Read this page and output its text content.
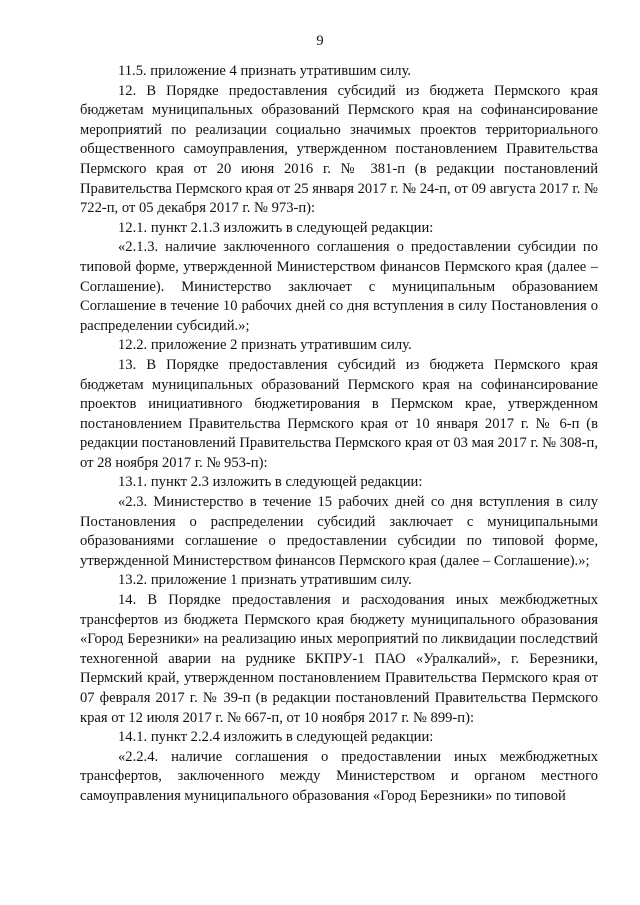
9

11.5. приложение 4 признать утратившим силу.

12. В Порядке предоставления субсидий из бюджета Пермского края бюджетам муниципальных образований Пермского края на софинансирование мероприятий по реализации социально значимых проектов территориального общественного самоуправления, утвержденном постановлением Правительства Пермского края от 20 июня 2016 г. № 381-п (в редакции постановлений Правительства Пермского края от 25 января 2017 г. № 24-п, от 09 августа 2017 г. № 722-п, от 05 декабря 2017 г. № 973-п):

12.1. пункт 2.1.3 изложить в следующей редакции:

«2.1.3. наличие заключенного соглашения о предоставлении субсидии по типовой форме, утвержденной Министерством финансов Пермского края (далее – Соглашение). Министерство заключает с муниципальным образованием Соглашение в течение 10 рабочих дней со дня вступления в силу Постановления о распределении субсидий.»;

12.2. приложение 2 признать утратившим силу.

13. В Порядке предоставления субсидий из бюджета Пермского края бюджетам муниципальных образований Пермского края на софинансирование проектов инициативного бюджетирования в Пермском крае, утвержденном постановлением Правительства Пермского края от 10 января 2017 г. № 6-п (в редакции постановлений Правительства Пермского края от 03 мая 2017 г. № 308-п, от 28 ноября 2017 г. № 953-п):

13.1. пункт 2.3 изложить в следующей редакции:

«2.3. Министерство в течение 15 рабочих дней со дня вступления в силу Постановления о распределении субсидий заключает с муниципальными образованиями соглашение о предоставлении субсидии по типовой форме, утвержденной Министерством финансов Пермского края (далее – Соглашение).»;

13.2. приложение 1 признать утратившим силу.

14. В Порядке предоставления и расходования иных межбюджетных трансфертов из бюджета Пермского края бюджету муниципального образования «Город Березники» на реализацию иных мероприятий по ликвидации последствий техногенной аварии на руднике БКПРУ-1 ПАО «Уралкалий», г. Березники, Пермский край, утвержденном постановлением Правительства Пермского края от 07 февраля 2017 г. № 39-п (в редакции постановлений Правительства Пермского края от 12 июля 2017 г. № 667-п, от 10 ноября 2017 г. № 899-п):

14.1. пункт 2.2.4 изложить в следующей редакции:

«2.2.4. наличие соглашения о предоставлении иных межбюджетных трансфертов, заключенного между Министерством и органом местного самоуправления муниципального образования «Город Березники» по типовой
